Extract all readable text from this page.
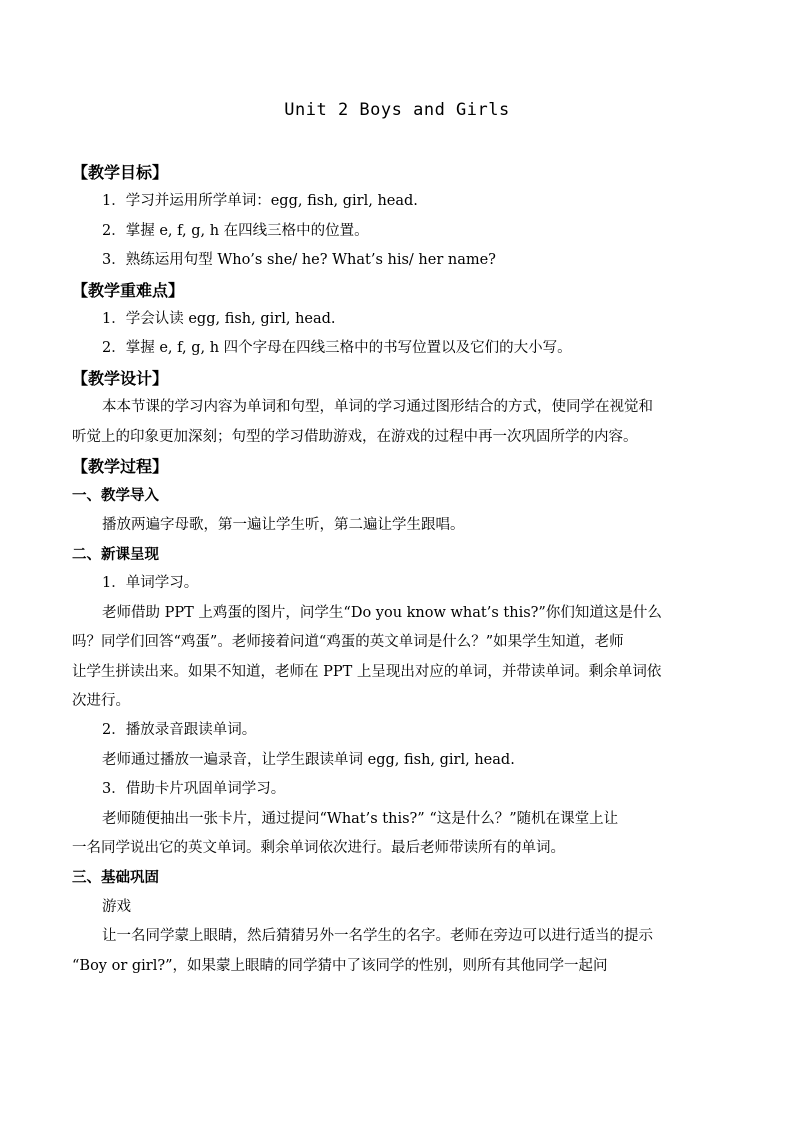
Unit 2 Boys and Girls

【教学目标】

1．学习并运用所学单词：egg, fish, girl, head.

2．掌握 e, f, g, h 在四线三格中的位置。

3．熟练运用句型 Who’s she/ he? What’s his/ her name?

【教学重难点】

1．学会认读 egg, fish, girl, head.

2．掌握 e, f, g, h 四个字母在四线三格中的书写位置以及它们的大小写。

【教学设计】

本本节课的学习内容为单词和句型，单词的学习通过图形结合的方式，使同学在视觉和

听觉上的印象更加深刻；句型的学习借助游戏，在游戏的过程中再一次巩固所学的内容。

【教学过程】

一、教学导入

播放两遍字母歌，第一遍让学生听，第二遍让学生跟唱。

二、新课呈现

1．单词学习。

老师借助 PPT 上鸡蛋的图片，问学生“Do you know what’s this?”你们知道这是什么

吗？同学们回答“鸡蛋”。老师接着问道“鸡蛋的英文单词是什么？”如果学生知道，老师

让学生拼读出来。如果不知道，老师在 PPT 上呈现出对应的单词，并带读单词。剩余单词依

次进行。

2．播放录音跟读单词。

老师通过播放一遍录音，让学生跟读单词 egg, fish, girl, head.

3．借助卡片巩固单词学习。

老师随便抽出一张卡片，通过提问“What’s this?” “这是什么？”随机在课堂上让

一名同学说出它的英文单词。剩余单词依次进行。最后老师带读所有的单词。

三、基础巩固

游戏

让一名同学蒙上眼睛，然后猜猜另外一名学生的名字。老师在旁边可以进行适当的提示

“Boy or girl?”，如果蒙上眼睛的同学猜中了该同学的性别，则所有其他同学一起问
